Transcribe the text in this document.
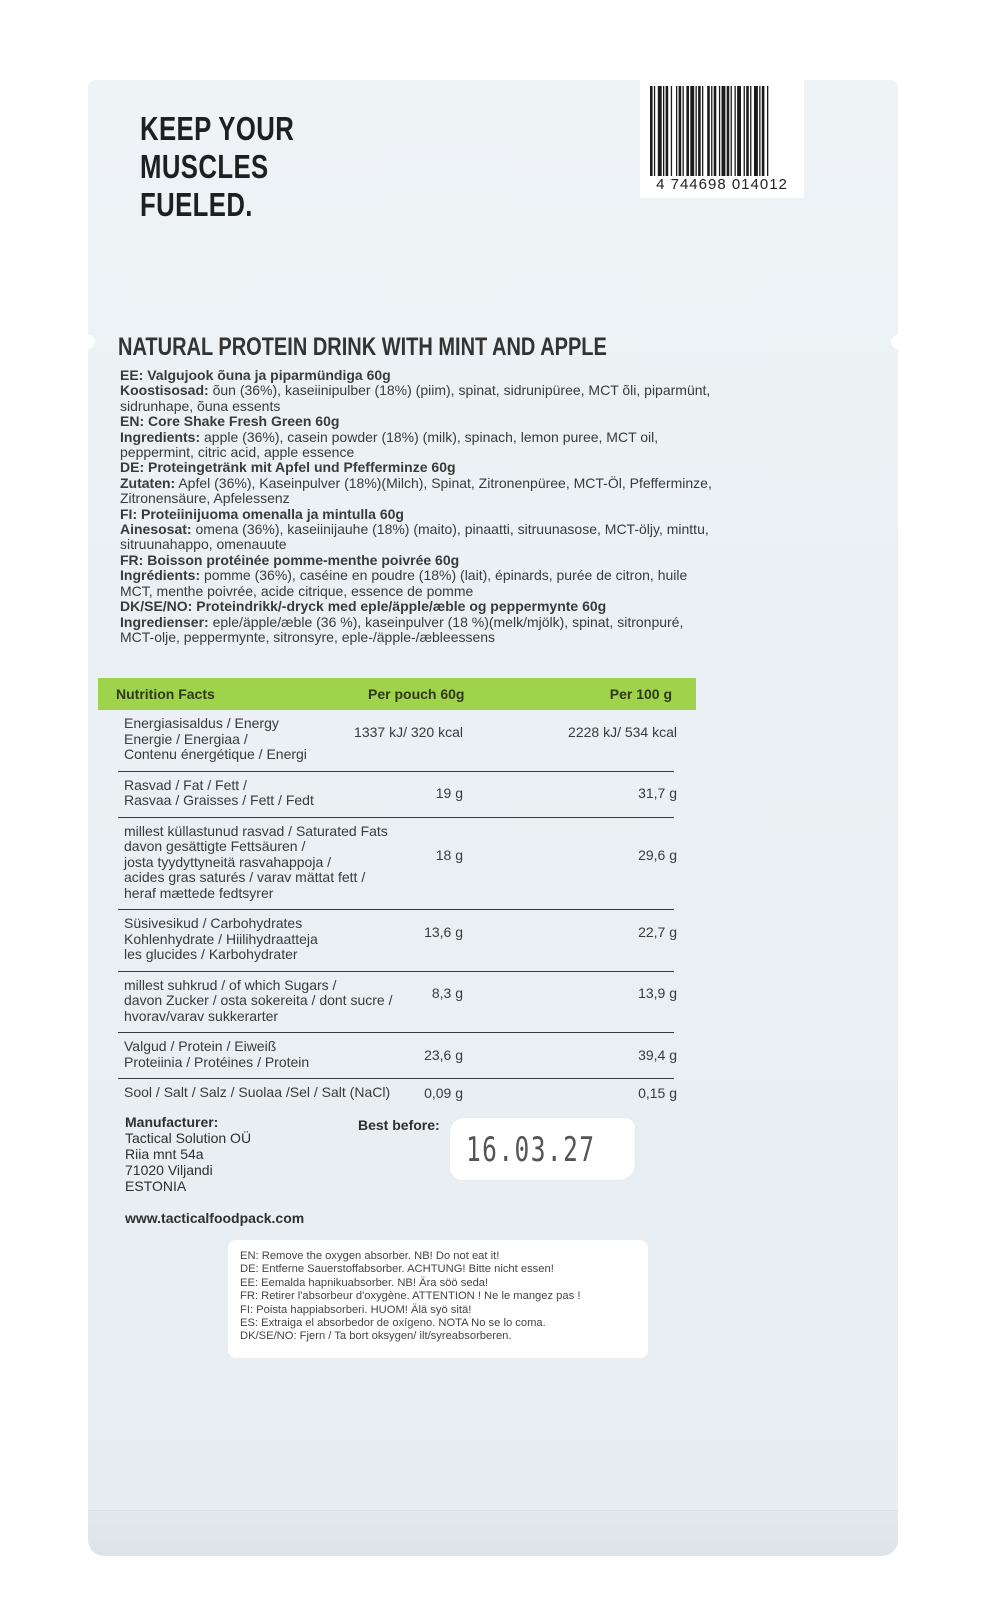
KEEP YOUR
MUSCLES
FUELED.
4 744698 014012
NATURAL PROTEIN DRINK WITH MINT AND APPLE

EE: Valgujook õuna ja piparmündiga 60g

Koostisosad: õun (36%), kaseiinipulber (18%) (piim), spinat, sidrunipüree, MCT õli, piparmünt, sidrunhape, õuna essents

EN: Core Shake Fresh Green 60g

Ingredients: apple (36%), casein powder (18%) (milk), spinach, lemon puree, MCT oil, peppermint, citric acid, apple essence

DE: Proteingetränk mit Apfel und Pfefferminze 60g

Zutaten: Apfel (36%), Kaseinpulver (18%)(Milch), Spinat, Zitronenpüree, MCT-Öl, Pfefferminze, Zitronensäure, Apfelessenz

FI: Proteiinijuoma omenalla ja mintulla 60g

Ainesosat: omena (36%), kaseiinijauhe (18%) (maito), pinaatti, sitruunasose, MCT-öljy, minttu, sitruunahappo, omenauute

FR: Boisson protéinée pomme-menthe poivrée 60g

Ingrédients: pomme (36%), caséine en poudre (18%) (lait), épinards, purée de citron, huile MCT, menthe poivrée, acide citrique, essence de pomme

DK/SE/NO: Proteindrikk/-dryck med eple/äpple/æble og peppermynte 60g

Ingredienser: eple/äpple/æble (36 %), kaseinpulver (18 %)(melk/mjölk), spinat, sitronpuré, MCT-olje, peppermynte, sitronsyre, eple-/äpple-/æbleessens

Nutrition Facts	Per pouch 60g	Per 100 g
Energiasisaldus / Energy
Energie / Energiaa /
Contenu énergétique / Energi
1337 kJ/ 320 kcal	2228 kJ/ 534 kcal
Rasvad / Fat / Fett /
Rasvaa / Graisses / Fett / Fedt	19 g	31,7 g
millest küllastunud rasvad / Saturated Fats
davon gesättigte Fettsäuren /
josta tyydyttyneitä rasvahappoja /
acides gras saturés / varav mättat fett /
heraf mættede fedtsyrer
18 g	29,6 g
Süsivesikud / Carbohydrates
Kohlenhydrate / Hiilihydraatteja
les glucides / Karbohydrater
13,6 g	22,7 g
millest suhkrud / of which Sugars /
davon Zucker / osta sokereita / dont sucre /
hvorav/varav sukkerarter
8,3 g	13,9 g
Valgud / Protein / Eiweiß
Proteiinia / Protéines / Protein	23,6 g	39,4 g
Sool / Salt / Salz / Suolaa /Sel / Salt (NaCl) 0,09 g	0,15 g
Manufacturer:
Tactical Solution OÜ
Riia mnt 54a
71020 Viljandi
ESTONIA
Best before:
16.03.27
www.tacticalfoodpack.com

EN: Remove the oxygen absorber. NB! Do not eat it!

DE: Entferne Sauerstoffabsorber. ACHTUNG! Bitte nicht essen!

EE: Eemalda hapnikuabsorber. NB! Ära söö seda!

FR: Retirer l'absorbeur d'oxygène. ATTENTION ! Ne le mangez pas !

FI: Poista happiabsorberi. HUOM! Älä syö sitä!

ES: Extraiga el absorbedor de oxígeno. NOTA No se lo coma.

DK/SE/NO: Fjern / Ta bort oksygen/ ilt/syreabsorberen.
